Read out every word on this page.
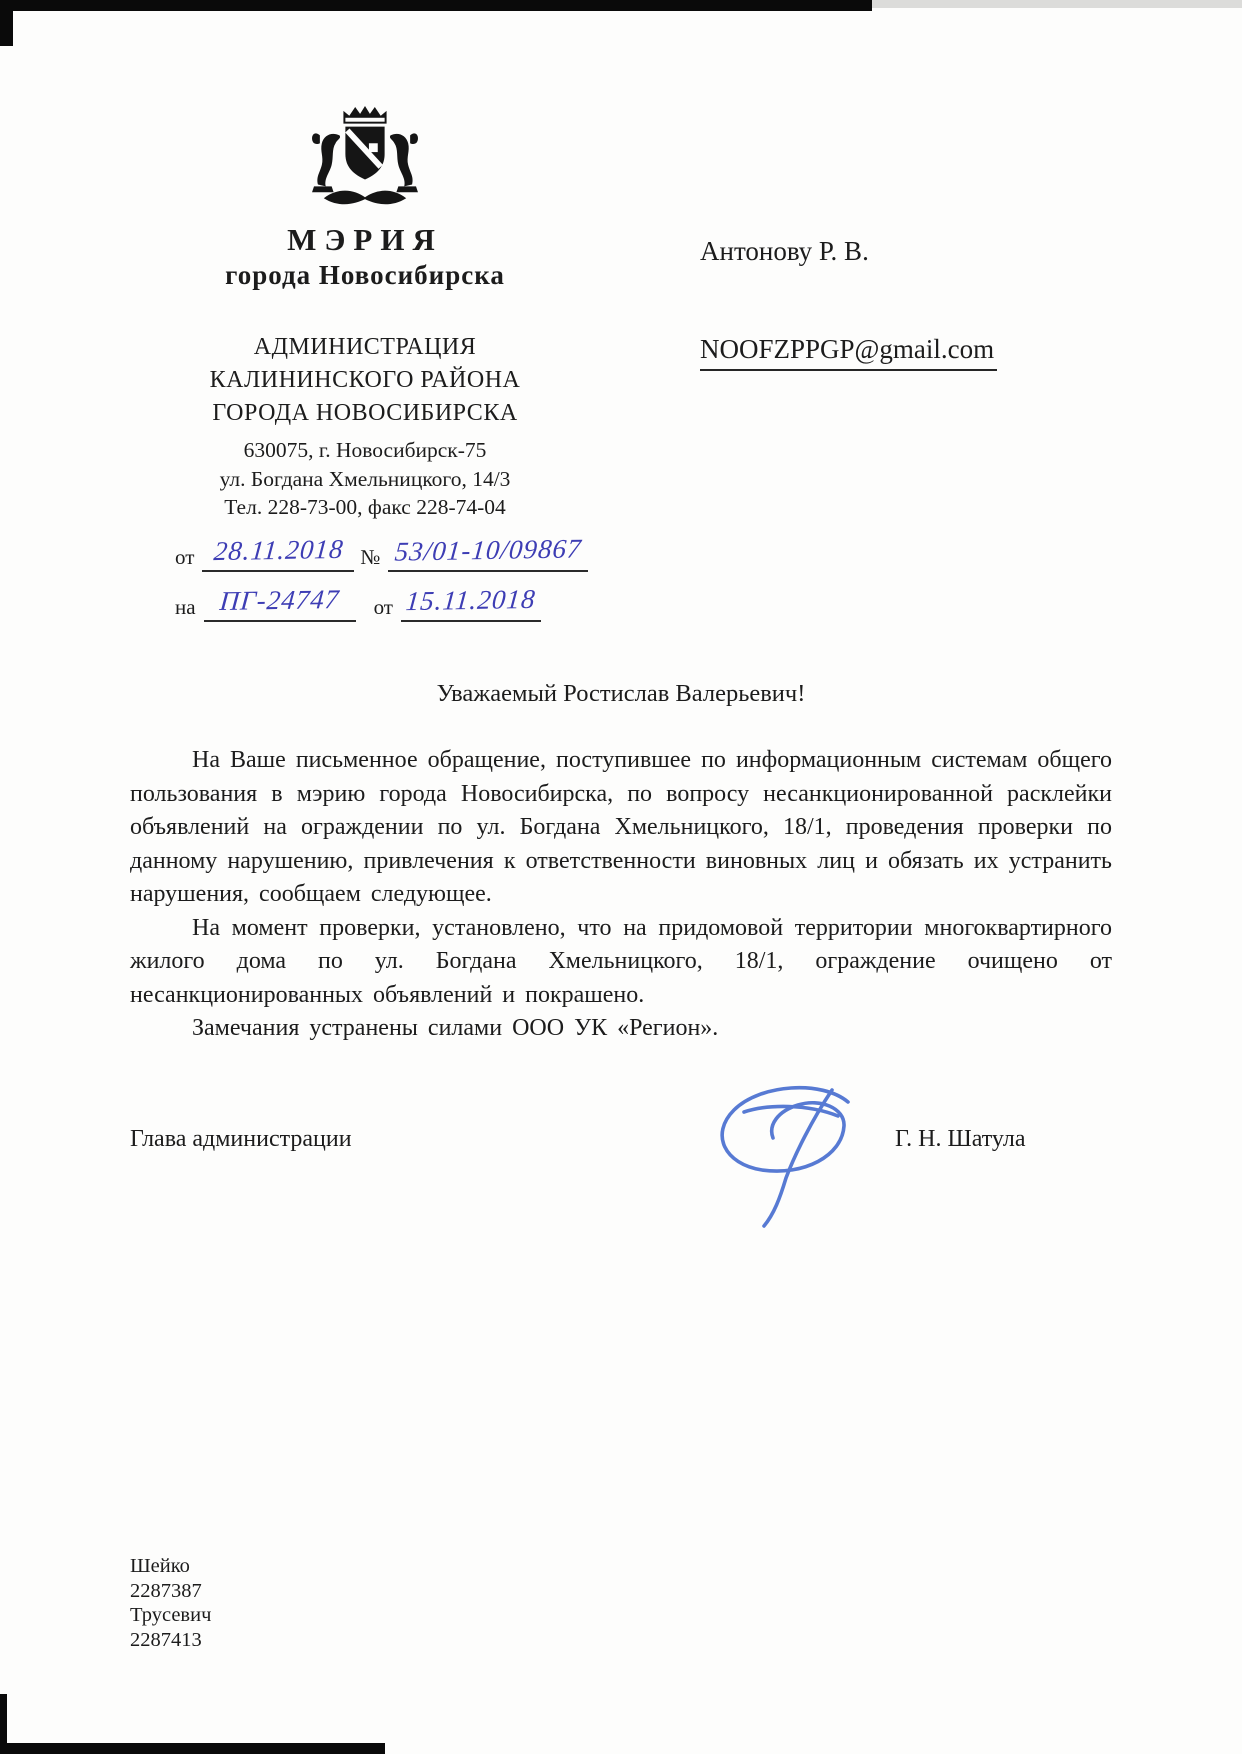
МЭРИЯ
города Новосибирска
АДМИНИСТРАЦИЯ
КАЛИНИНСКОГО РАЙОНА
ГОРОДА НОВОСИБИРСКА
630075, г. Новосибирск-75
ул. Богдана Хмельницкого, 14/3
Тел. 228-73-00, факс 228-74-04
от 28.11.2018 № 53/01-10/09867
на ПГ-24747 от 15.11.2018
Антонову Р. В.
NOOFZPPGP@gmail.com
Уважаемый Ростислав Валерьевич!

На Ваше письменное обращение, поступившее по информационным системам общего пользования в мэрию города Новосибирска, по вопросу несанкционированной расклейки объявлений на ограждении по ул. Богдана Хмельницкого, 18/1, проведения проверки по данному нарушению, привлечения к ответственности виновных лиц и обязать их устранить нарушения, сообщаем следующее.

На момент проверки, установлено, что на придомовой территории многоквартирного жилого дома по ул. Богдана Хмельницкого, 18/1, ограждение очищено от несанкционированных объявлений и покрашено.

Замечания устранены силами ООО УК «Регион».

Глава администрации	Г. Н. Шатула
Шейко
2287387
Трусевич
2287413
